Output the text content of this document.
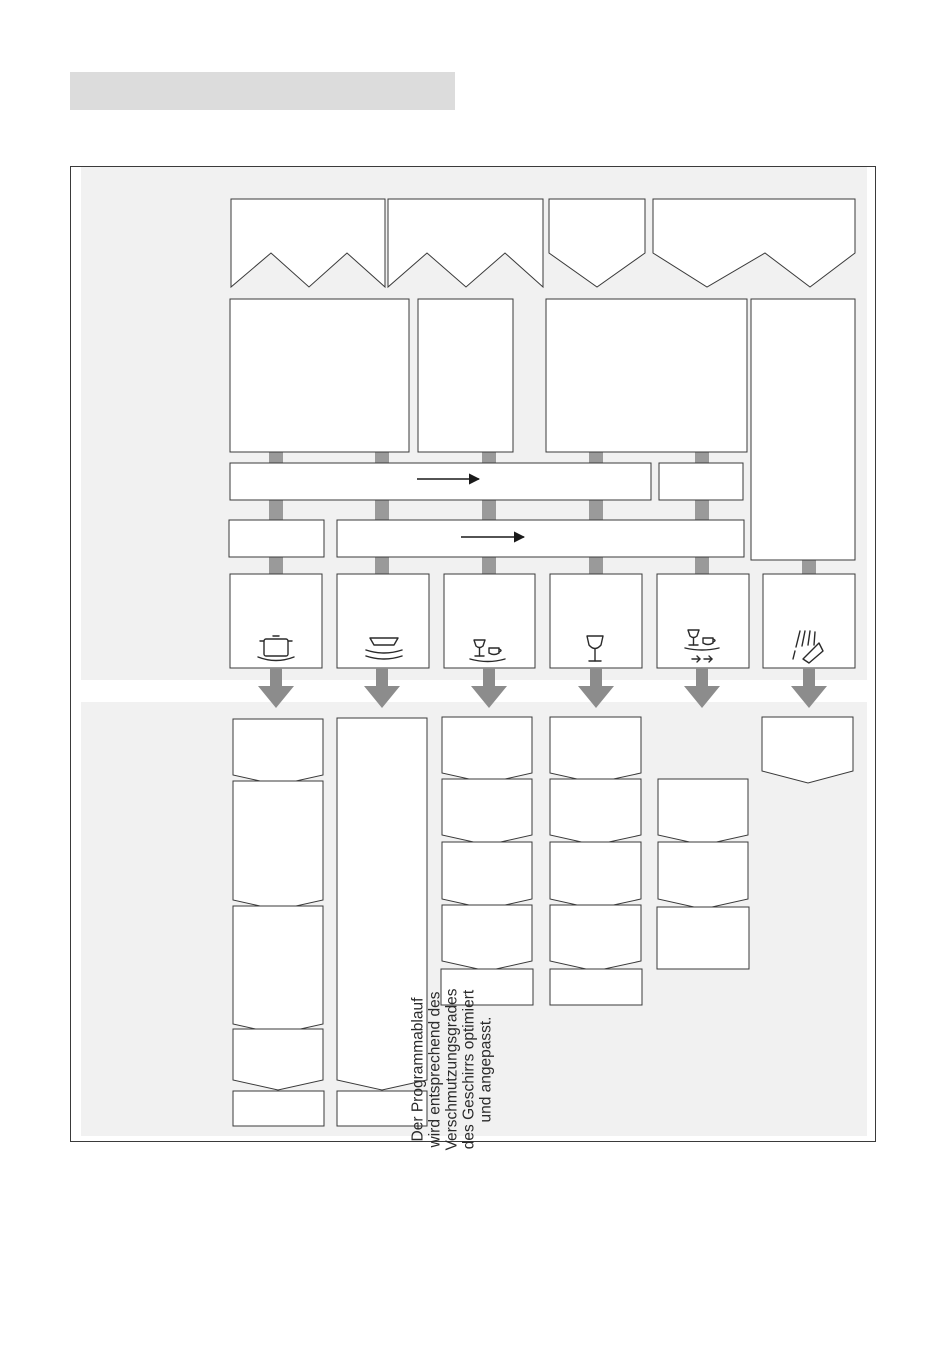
Der Programmablauf wird entsprechend des Verschmutzungsgrades des Geschirrs optimiert und angepasst.
